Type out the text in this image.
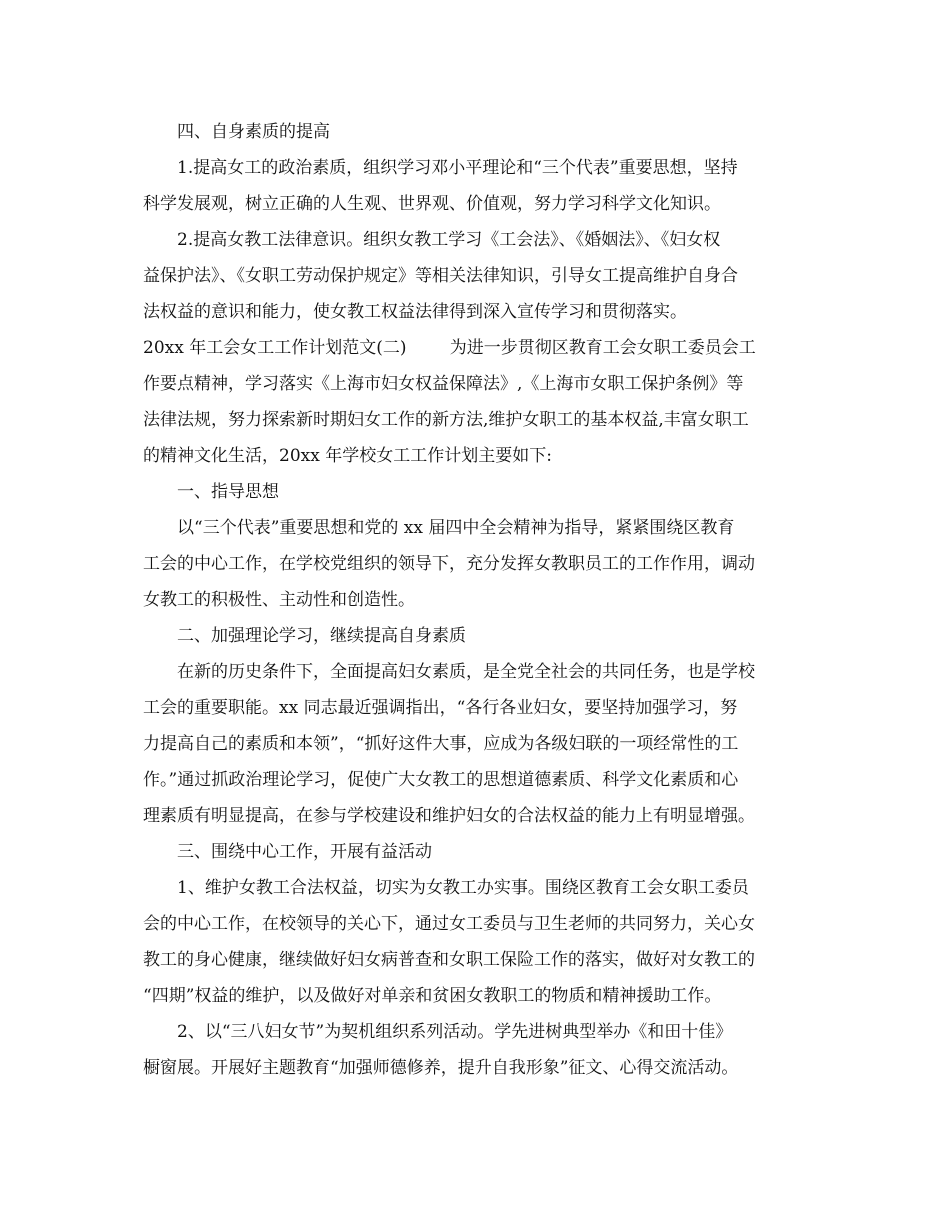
四、自身素质的提高
1.提高女工的政治素质，组织学习邓小平理论和“三个代表”重要思想，坚持
科学发展观，树立正确的人生观、世界观、价值观，努力学习科学文化知识。
2.提高女教工法律意识。组织女教工学习《工会法》、《婚姻法》、《妇女权
益保护法》、《女职工劳动保护规定》等相关法律知识，引导女工提高维护自身合
法权益的意识和能力，使女教工权益法律得到深入宣传学习和贯彻落实。
20xx 年工会女工工作计划范文(二)        为进一步贯彻区教育工会女职工委员会工
作要点精神，学习落实《上海市妇女权益保障法》,《上海市女职工保护条例》等
法律法规，努力探索新时期妇女工作的新方法,维护女职工的基本权益,丰富女职工
的精神文化生活，20xx 年学校女工工作计划主要如下:
一、指导思想
以“三个代表”重要思想和党的 xx 届四中全会精神为指导，紧紧围绕区教育
工会的中心工作，在学校党组织的领导下，充分发挥女教职员工的工作作用，调动
女教工的积极性、主动性和创造性。
二、加强理论学习，继续提高自身素质
在新的历史条件下，全面提高妇女素质，是全党全社会的共同任务，也是学校
工会的重要职能。xx 同志最近强调指出，“各行各业妇女，要坚持加强学习，努
力提高自己的素质和本领”，“抓好这件大事，应成为各级妇联的一项经常性的工
作。”通过抓政治理论学习，促使广大女教工的思想道德素质、科学文化素质和心
理素质有明显提高，在参与学校建设和维护妇女的合法权益的能力上有明显增强。
三、围绕中心工作，开展有益活动
1、维护女教工合法权益，切实为女教工办实事。围绕区教育工会女职工委员
会的中心工作，在校领导的关心下，通过女工委员与卫生老师的共同努力，关心女
教工的身心健康，继续做好妇女病普查和女职工保险工作的落实，做好对女教工的
“四期”权益的维护，以及做好对单亲和贫困女教职工的物质和精神援助工作。
2、以“三八妇女节”为契机组织系列活动。学先进树典型举办《和田十佳》
橱窗展。开展好主题教育“加强师德修养，提升自我形象”征文、心得交流活动。
